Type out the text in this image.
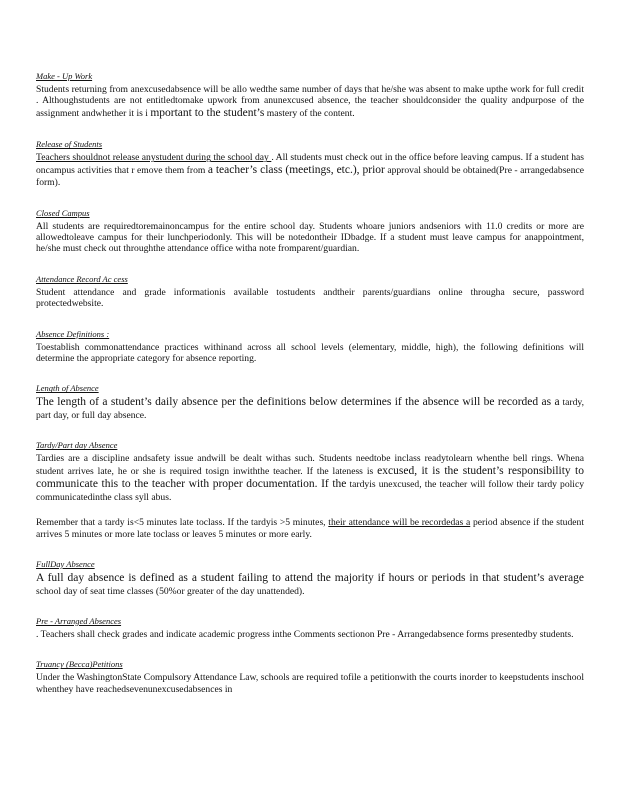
Make - Up Work
Students returning from anexcusedabsence will be allo wedthe same number of days that he/she was absent to make upthe work for full credit . Althoughstudents are not entitledtomake upwork from anunexcused absence, the teacher shouldconsider the quality andpurpose of the assignment andwhether it is i mportant to the student’s mastery of the content.
Release of Students
Teachers shouldnot release anystudent during the school day . All students must check out in the office before leaving campus. If a student has oncampus activities that r emove them from a teacher’s class (meetings, etc.), prior approval should be obtained(Pre - arrangedabsence form).
Closed Campus
All students are requiredtoremainoncampus for the entire school day. Students whoare juniors andseniors with 11.0 credits or more are allowedtoleave campus for their lunchperiodonly. This will be notedontheir IDbadge. If a student must leave campus for anappointment, he/she must check out throughthe attendance office witha note fromparent/guardian.
Attendance Record Ac cess
Student attendance and grade informationis available tostudents andtheir parents/guardians online througha secure, password protectedwebsite.
Absence Definitions :
Toestablish commonattendance practices withinand across all school levels (elementary, middle, high), the following definitions will determine the appropriate category for absence reporting.
Length of Absence
The length of a student’s daily absence per the definitions below determines if the absence will be recorded as a tardy, part day, or full day absence.
Tardy/Part day Absence
Tardies are a discipline andsafety issue andwill be dealt withas such. Students needtobe inclass readytolearn whenthe bell rings. Whena student arrives late, he or she is required tosign inwiththe teacher. If the lateness is excused, it is the student’s responsibility to communicate this to the teacher with proper documentation. If the tardyis unexcused, the teacher will follow their tardy policy communicatedinthe class syll abus.
Remember that a tardy is<5 minutes late toclass. If the tardyis >5 minutes, their attendance will be recordedas a period absence if the student arrives 5 minutes or more late toclass or leaves 5 minutes or more early.
FullDay Absence
A full day absence is defined as a student failing to attend the majority if hours or periods in that student’s average school day of seat time classes (50%or greater of the day unattended).
Pre - Arranged Absences
. Teachers shall check grades and indicate academic progress inthe Comments sectionon Pre - Arrangedabsence forms presentedby students.
Truancy (Becca)Petitions
Under the WashingtonState Compulsory Attendance Law, schools are required tofile a petitionwith the courts inorder to keepstudents inschool whenthey have reachedsevenunexcusedabsences in
